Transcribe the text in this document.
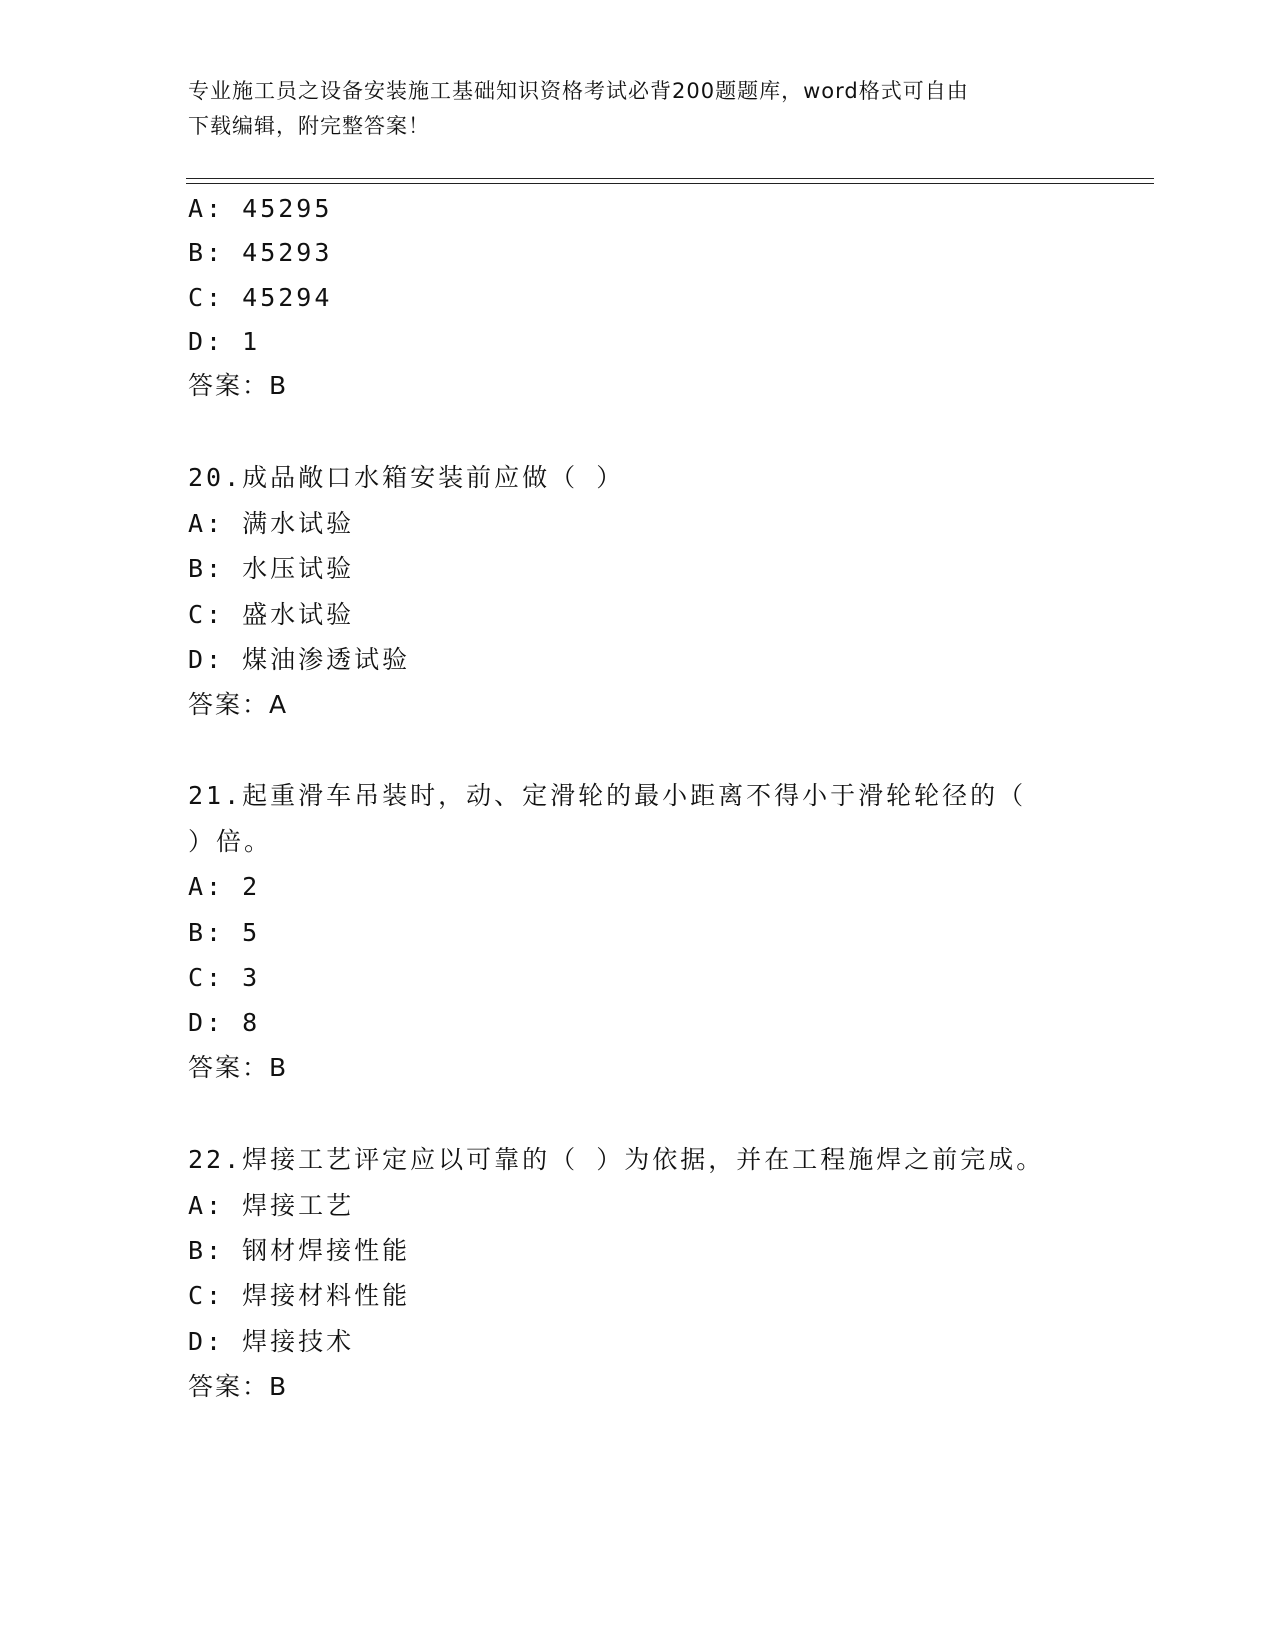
专业施工员之设备安装施工基础知识资格考试必背200题题库，word格式可自由
下载编辑，附完整答案！
A: 45295
B: 45293
C: 45294
D: 1
答案：B
20.成品敞口水箱安装前应做（ ）
A: 满水试验
B: 水压试验
C: 盛水试验
D: 煤油渗透试验
答案：A
21.起重滑车吊装时，动、定滑轮的最小距离不得小于滑轮轮径的（
）倍。
A: 2
B: 5
C: 3
D: 8
答案：B
22.焊接工艺评定应以可靠的（ ）为依据，并在工程施焊之前完成。
A: 焊接工艺
B: 钢材焊接性能
C: 焊接材料性能
D: 焊接技术
答案：B
